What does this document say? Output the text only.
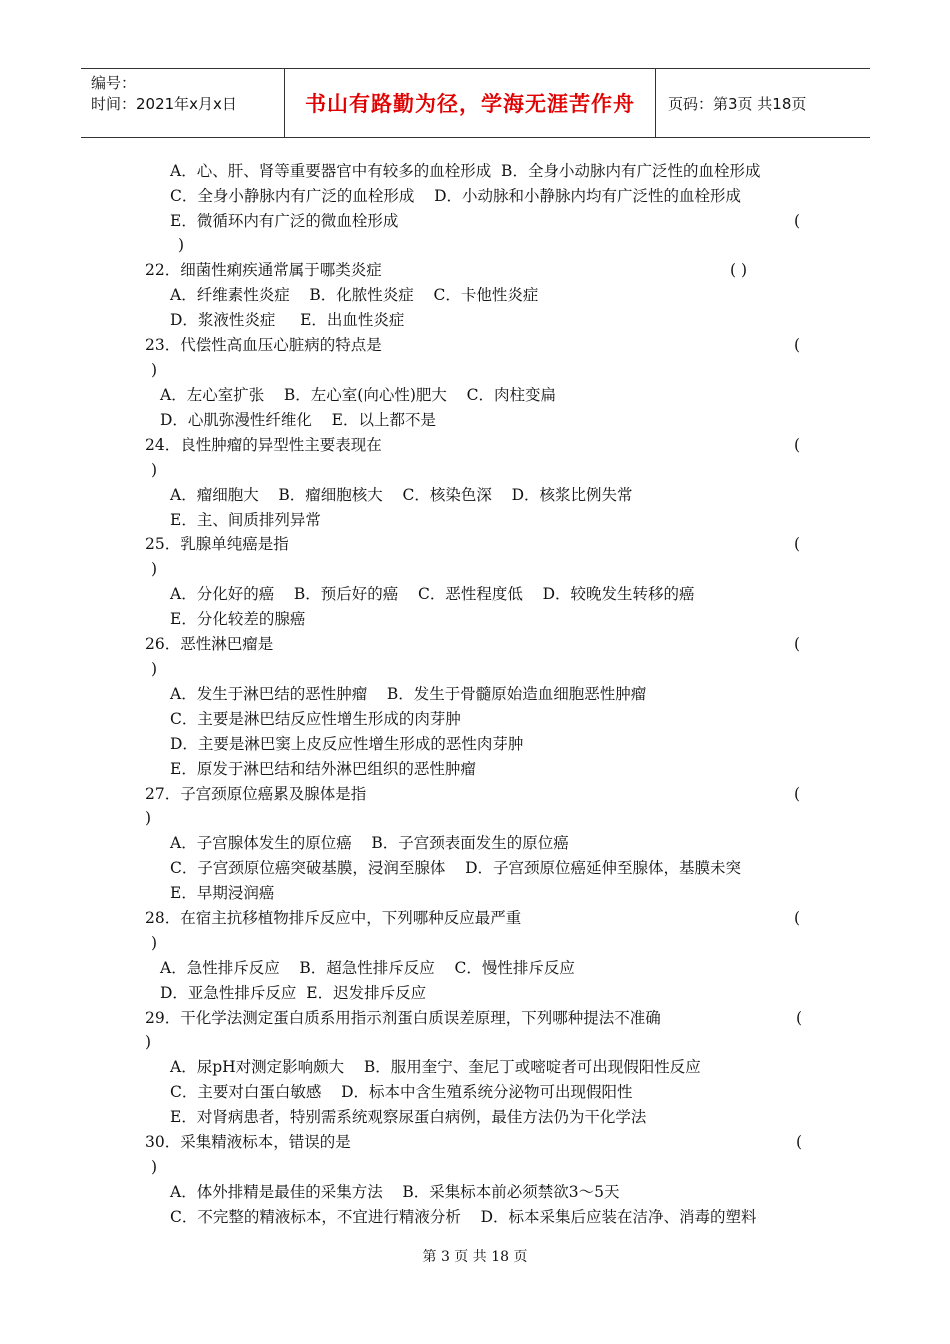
编号：
时间：2021年x月x日	书山有路勤为径，学海无涯苦作舟 页码：第3页 共18页
A．心、肝、肾等重要器官中有较多的血栓形成  B．全身小动脉内有广泛性的血栓形成
C．全身小静脉内有广泛的血栓形成    D．小动脉和小静脉内均有广泛性的血栓形成
E．微循环内有广泛的微血栓形成	(
)
22．细菌性痢疾通常属于哪类炎症	( )
A．纤维素性炎症    B．化脓性炎症    C．卡他性炎症
D．浆液性炎症     E．出血性炎症
23．代偿性高血压心脏病的特点是	(
)
A．左心室扩张    B．左心室(向心性)肥大    C．肉柱变扁
D．心肌弥漫性纤维化    E．以上都不是
24．良性肿瘤的异型性主要表现在	(
)
A．瘤细胞大    B．瘤细胞核大    C．核染色深    D．核浆比例失常
E．主、间质排列异常
25．乳腺单纯癌是指	(
)
A．分化好的癌    B．预后好的癌    C．恶性程度低    D．较晚发生转移的癌
E．分化较差的腺癌
26．恶性淋巴瘤是	(
)
A．发生于淋巴结的恶性肿瘤    B．发生于骨髓原始造血细胞恶性肿瘤
C．主要是淋巴结反应性增生形成的肉芽肿
D．主要是淋巴窦上皮反应性增生形成的恶性肉芽肿
E．原发于淋巴结和结外淋巴组织的恶性肿瘤
27．子宫颈原位癌累及腺体是指	(
)
A．子宫腺体发生的原位癌    B．子宫颈表面发生的原位癌
C．子宫颈原位癌突破基膜，浸润至腺体    D．子宫颈原位癌延伸至腺体，基膜未突
E．早期浸润癌
28．在宿主抗移植物排斥反应中，下列哪种反应最严重	(
)
A．急性排斥反应    B．超急性排斥反应    C．慢性排斥反应
D．亚急性排斥反应  E．迟发排斥反应
29．干化学法测定蛋白质系用指示剂蛋白质误差原理，下列哪种提法不准确	(
)
A．尿pH对测定影响颇大    B．服用奎宁、奎尼丁或嘧啶者可出现假阳性反应
C．主要对白蛋白敏感    D．标本中含生殖系统分泌物可出现假阳性
E．对肾病患者，特别需系统观察尿蛋白病例，最佳方法仍为干化学法
30．采集精液标本，错误的是	(
)
A．体外排精是最佳的采集方法    B．采集标本前必须禁欲3～5天
C．不完整的精液标本，不宜进行精液分析    D．标本采集后应装在洁净、消毒的塑料
第 3 页 共 18 页
